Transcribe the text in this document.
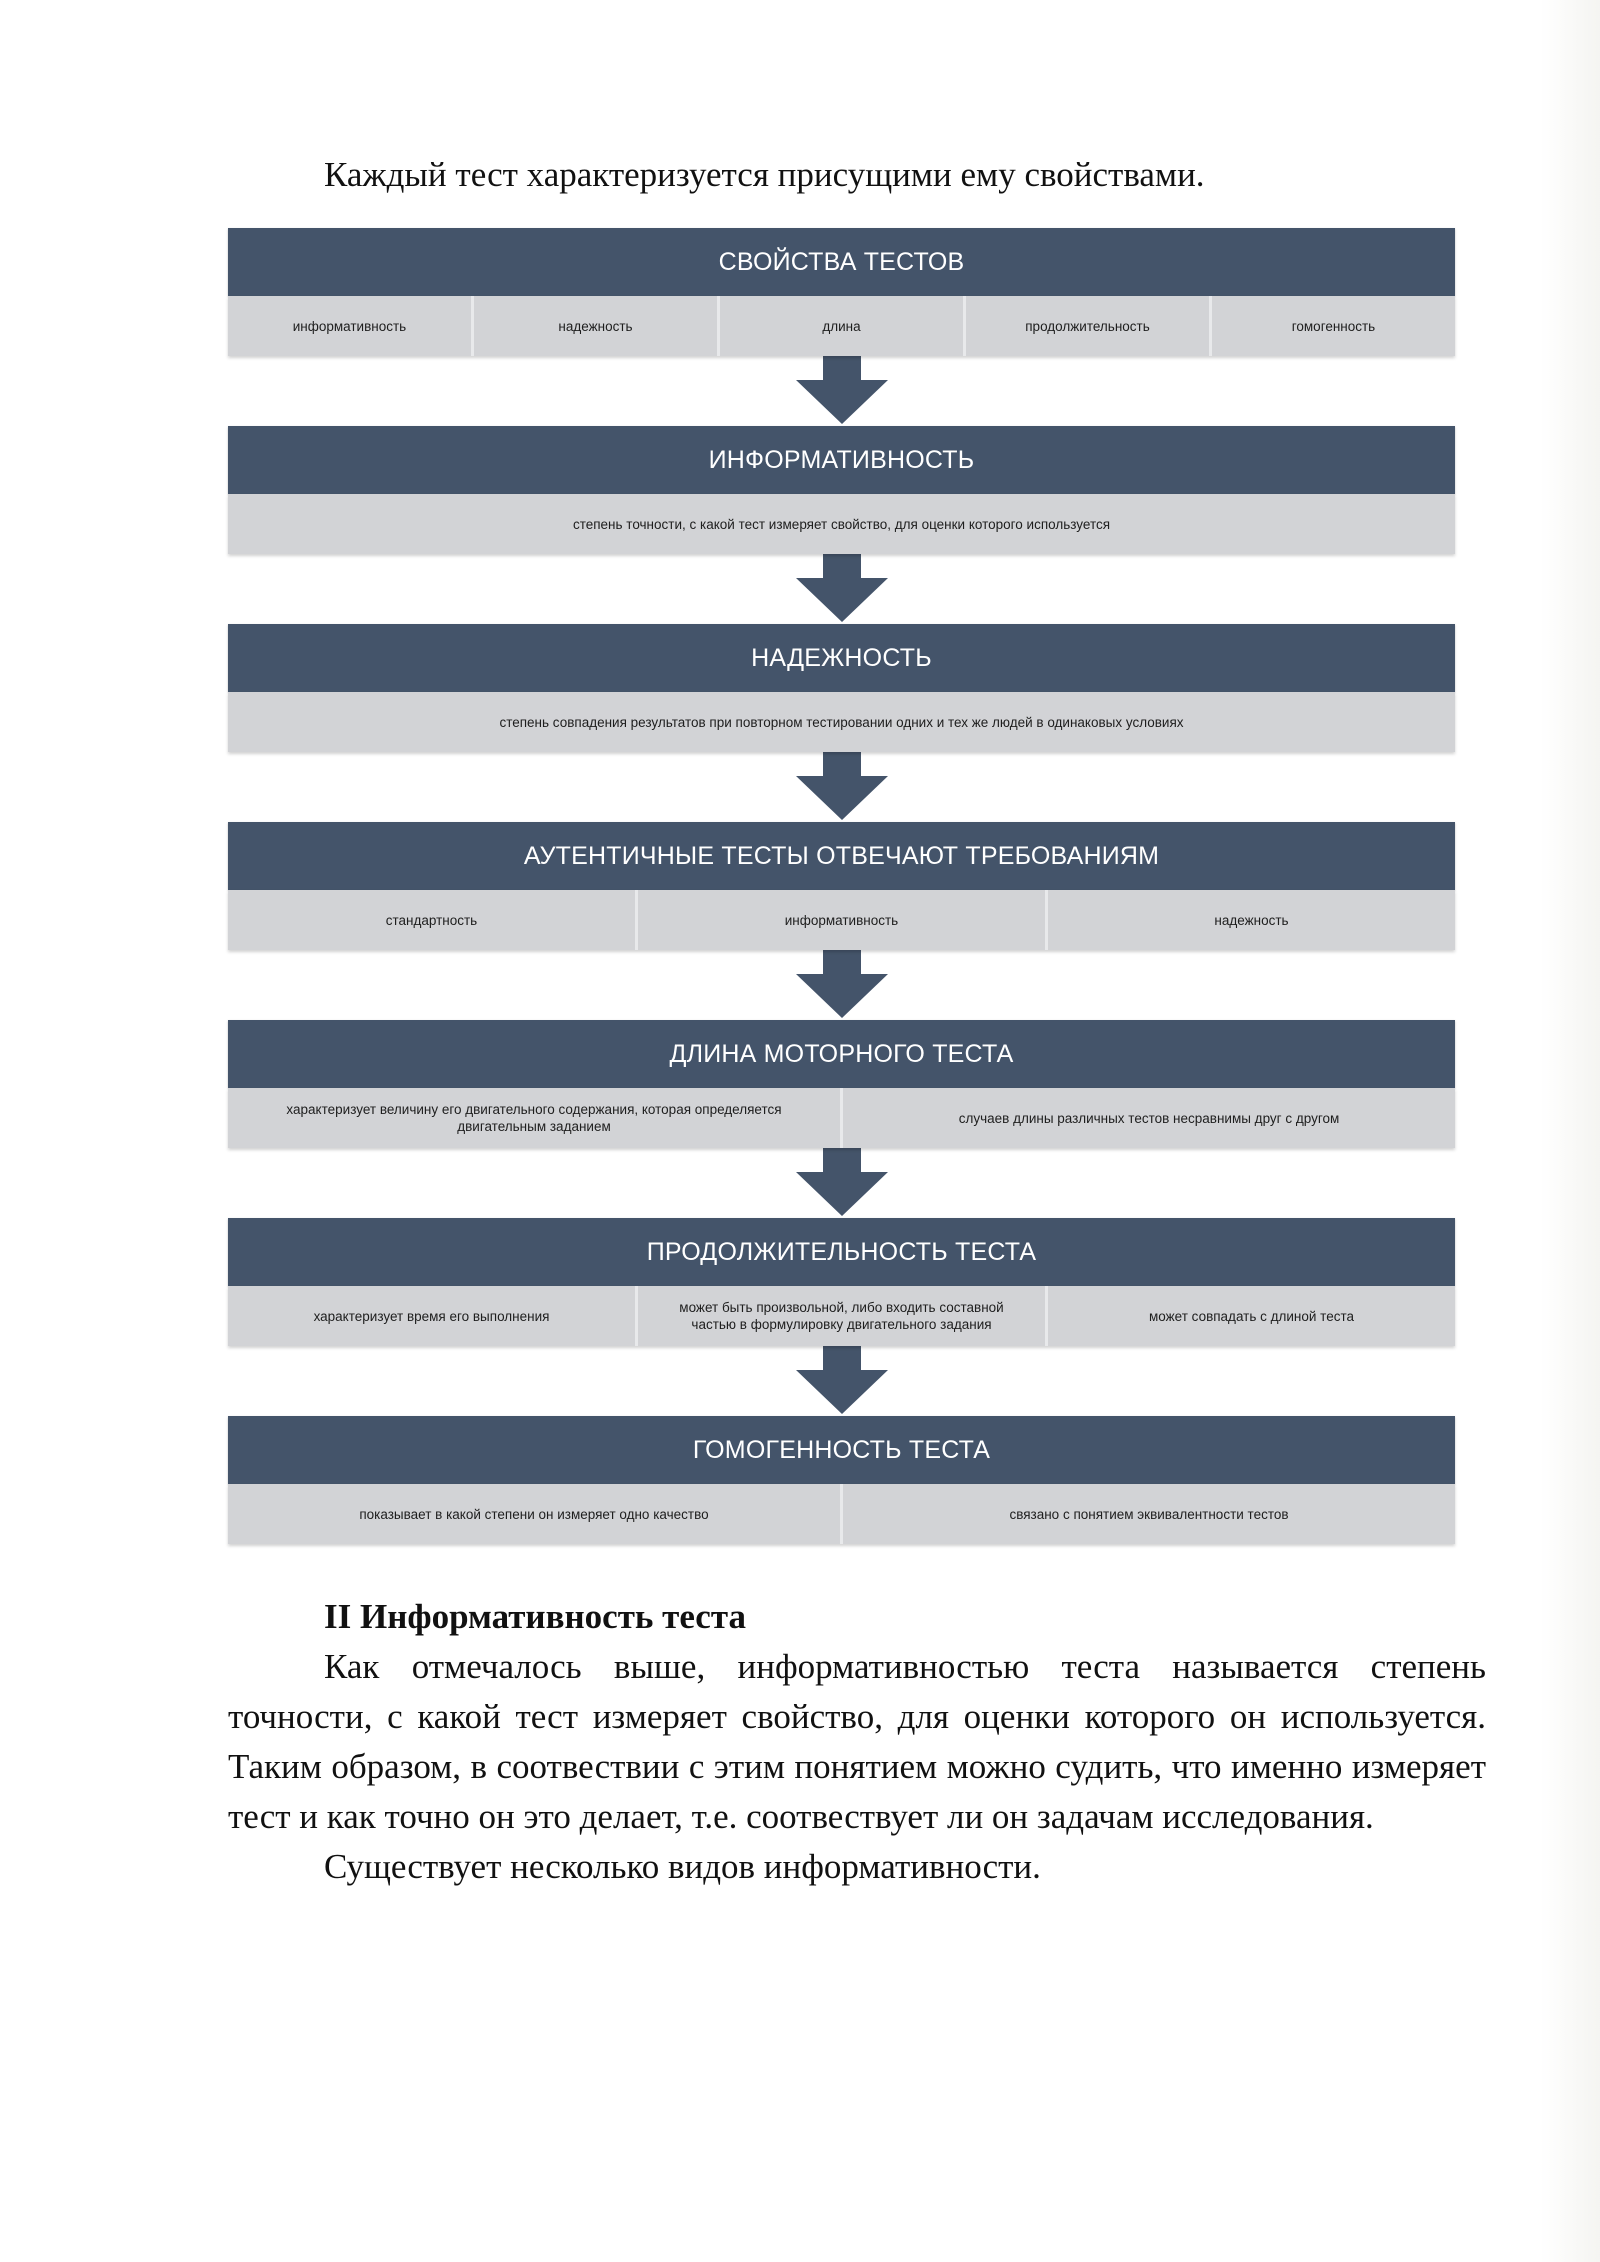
Каждый тест характеризуется присущими ему свойствами.

СВОЙСТВА ТЕСТОВ
информативность	надежность	длина	продолжительность	гомогенность
ИНФОРМАТИВНОСТЬ
степень точности, с какой тест измеряет свойство, для оценки которого используется
НАДЕЖНОСТЬ
степень совпадения результатов при повторном тестировании одних и тех же людей в одинаковых условиях
АУТЕНТИЧНЫЕ ТЕСТЫ ОТВЕЧАЮТ ТРЕБОВАНИЯМ
стандартность	информативность	надежность
ДЛИНА МОТОРНОГО ТЕСТА
характеризует величину его двигательного содержания, которая определяется двигательным заданием
случаев длины различных тестов несравнимы друг с другом
ПРОДОЛЖИТЕЛЬНОСТЬ ТЕСТА
характеризует время его выполнения
может быть произвольной, либо входить составной частью в формулировку двигательного задания
может совпадать с длиной теста
ГОМОГЕННОСТЬ ТЕСТА
показывает в какой степени он измеряет одно качество	связано с понятием эквивалентности тестов
II Информативность теста

Как отмечалось выше, информативностью теста называется степень точности, с какой тест измеряет свойство, для оценки которого он используется. Таким образом, в соотвествии с этим понятием можно судить, что именно измеряет тест и как точно он это делает, т.е. соотвествует ли он задачам исследования.

Существует несколько видов информативности.
